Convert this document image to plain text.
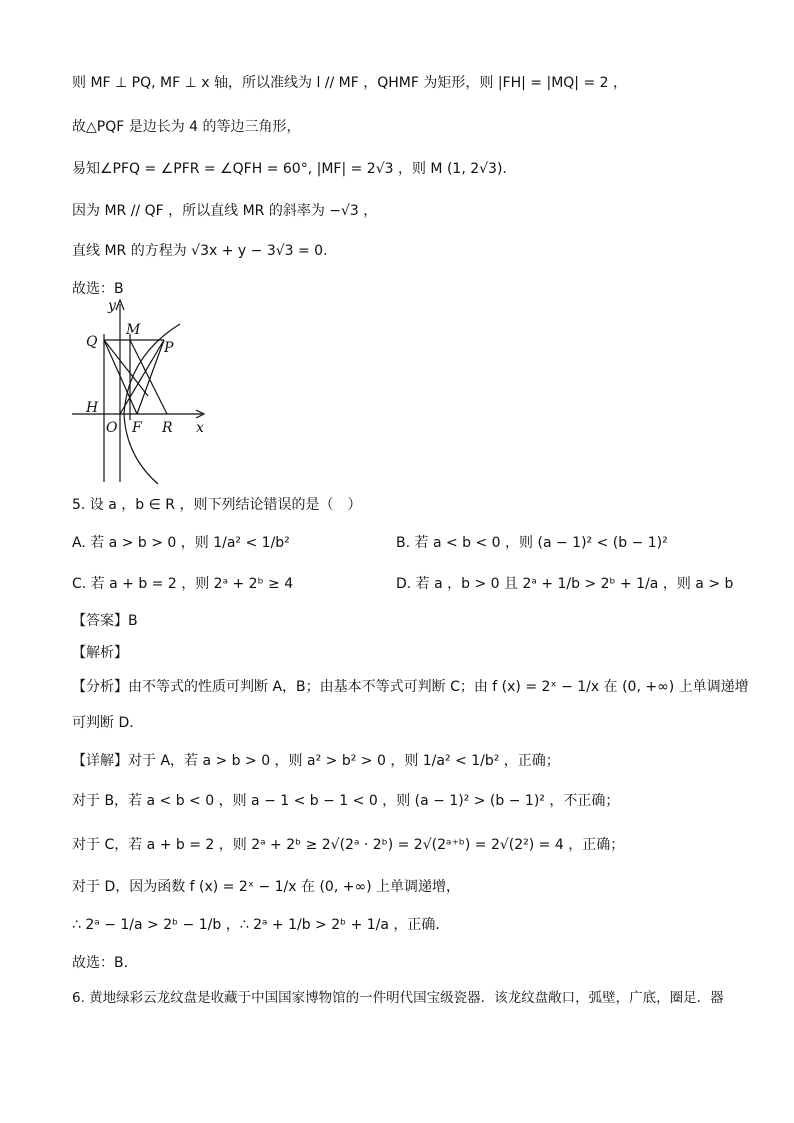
则 MF ⊥ PQ, MF ⊥ x 轴，所以准线为 l // MF ，QHMF 为矩形，则 |FH| = |MQ| = 2 ，
故△PQF 是边长为 4 的等边三角形，
易知∠PFQ = ∠PFR = ∠QFH = 60°, |MF| = 2√3 ，则 M (1, 2√3).
因为 MR // QF ，所以直线 MR 的斜率为 −√3 ，
直线 MR 的方程为 √3x + y − 3√3 = 0.
故选：B
y
M
Q	P
H
O F R x
5. 设 a ，b ∈ R ，则下列结论错误的是（　）
A. 若 a > b > 0 ，则 1/a² < 1/b²	B. 若 a < b < 0 ，则 (a − 1)² < (b − 1)²
C. 若 a + b = 2 ，则 2ᵃ + 2ᵇ ≥ 4	D. 若 a ，b > 0 且 2ᵃ + 1/b > 2ᵇ + 1/a ，则 a > b
【答案】B
【解析】
【分析】由不等式的性质可判断 A，B；由基本不等式可判断 C；由 f (x) = 2ˣ − 1/x 在 (0, +∞) 上单调递增
可判断 D.
【详解】对于 A，若 a > b > 0 ，则 a² > b² > 0 ，则 1/a² < 1/b² ，正确；
对于 B，若 a < b < 0 ，则 a − 1 < b − 1 < 0 ，则 (a − 1)² > (b − 1)² ，不正确；
对于 C，若 a + b = 2 ，则 2ᵃ + 2ᵇ ≥ 2√(2ᵃ · 2ᵇ) = 2√(2ᵃ⁺ᵇ) = 2√(2²) = 4 ，正确；
对于 D，因为函数 f (x) = 2ˣ − 1/x 在 (0, +∞) 上单调递增，
∴ 2ᵃ − 1/a > 2ᵇ − 1/b ，∴ 2ᵃ + 1/b > 2ᵇ + 1/a ，正确.
故选：B.
6. 黄地绿彩云龙纹盘是收藏于中国国家博物馆的一件明代国宝级瓷器．该龙纹盘敞口，弧壁，广底，圈足．器
